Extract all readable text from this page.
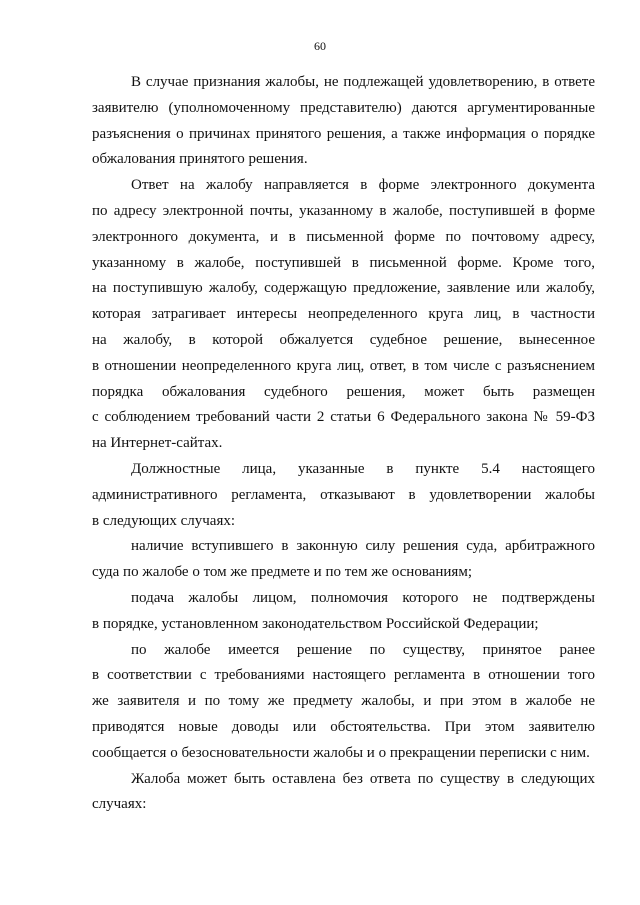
60
В случае признания жалобы, не подлежащей удовлетворению, в ответе
заявителю (уполномоченному представителю) даются аргументированные
разъяснения о причинах принятого решения, а также информация о порядке
обжалования принятого решения.
Ответ на жалобу направляется в форме электронного документа
по адресу электронной почты, указанному в жалобе, поступившей в форме
электронного документа, и в письменной форме по почтовому адресу,
указанному в жалобе, поступившей в письменной форме. Кроме того,
на поступившую жалобу, содержащую предложение, заявление или жалобу,
которая затрагивает интересы неопределенного круга лиц, в частности
на жалобу, в которой обжалуется судебное решение, вынесенное
в отношении неопределенного круга лиц, ответ, в том числе с разъяснением
порядка обжалования судебного решения, может быть размещен
с соблюдением требований части 2 статьи 6 Федерального закона № 59-ФЗ
на Интернет-сайтах.
Должностные лица, указанные в пункте 5.4 настоящего
административного регламента, отказывают в удовлетворении жалобы
в следующих случаях:
наличие вступившего в законную силу решения суда, арбитражного
суда по жалобе о том же предмете и по тем же основаниям;
подача жалобы лицом, полномочия которого не подтверждены
в порядке, установленном законодательством Российской Федерации;
по жалобе имеется решение по существу, принятое ранее
в соответствии с требованиями настоящего регламента в отношении того
же заявителя и по тому же предмету жалобы, и при этом в жалобе не
приводятся новые доводы или обстоятельства. При этом заявителю
сообщается о безосновательности жалобы и о прекращении переписки с ним.
Жалоба может быть оставлена без ответа по существу в следующих
случаях:
